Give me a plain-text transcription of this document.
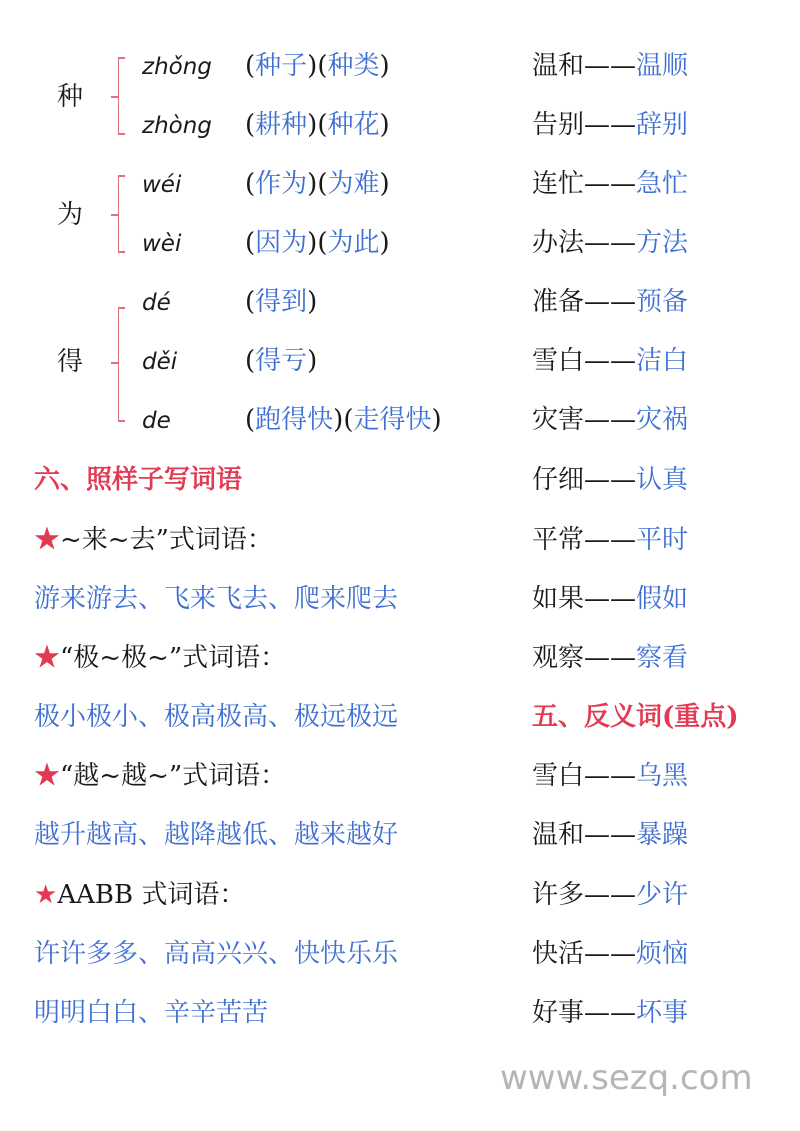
种
zhǒng (种子)(种类)
zhòng (耕种)(种花)
为
wéi (作为)(为难)
wèi (因为)(为此)
得
dé	(得到)
děi	(得亏)
de	(跑得快)(走得快)
六、照样子写词语
★~来~去”式词语：
游来游去、飞来飞去、爬来爬去
★“极~极~”式词语：
极小极小、极高极高、极远极远
★“越~越~”式词语：
越升越高、越降越低、越来越好
★AABB 式词语：
许许多多、高高兴兴、快快乐乐
明明白白、辛辛苦苦
温和——温顺
告别——辞别
连忙——急忙
办法——方法
准备——预备
雪白——洁白
灾害——灾祸
仔细——认真
平常——平时
如果——假如
观察——察看
五、反义词(重点)
雪白——乌黑
温和——暴躁
许多——少许
快活——烦恼
好事——坏事
www.sezq.com
